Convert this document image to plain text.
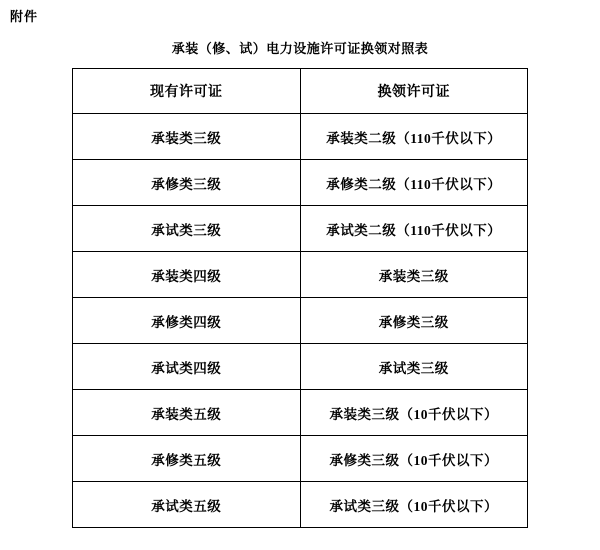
附件
承装（修、试）电力设施许可证换领对照表
现有许可证	换领许可证
承装类三级	承装类二级（110千伏以下）
承修类三级	承修类二级（110千伏以下）
承试类三级	承试类二级（110千伏以下）
承装类四级	承装类三级
承修类四级	承修类三级
承试类四级	承试类三级
承装类五级	承装类三级（10千伏以下）
承修类五级	承修类三级（10千伏以下）
承试类五级	承试类三级（10千伏以下）
